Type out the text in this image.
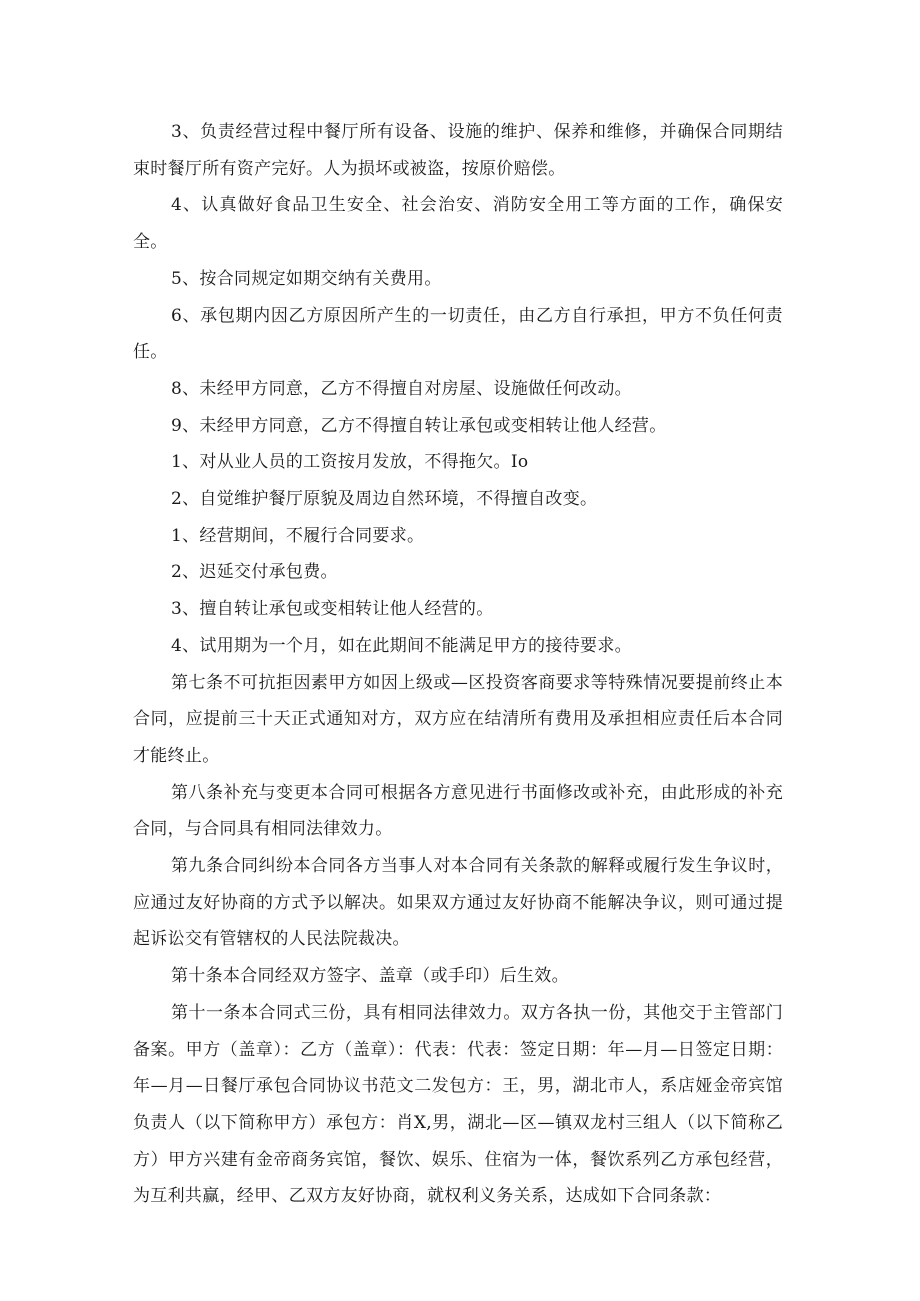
3、负责经营过程中餐厅所有设备、设施的维护、保养和维修，并确保合同期结束时餐厅所有资产完好。人为损坏或被盗，按原价赔偿。

4、认真做好食品卫生安全、社会治安、消防安全用工等方面的工作，确保安全。

5、按合同规定如期交纳有关费用。

6、承包期内因乙方原因所产生的一切责任，由乙方自行承担，甲方不负任何责任。

8、未经甲方同意，乙方不得擅自对房屋、设施做任何改动。

9、未经甲方同意，乙方不得擅自转让承包或变相转让他人经营。

1、对从业人员的工资按月发放，不得拖欠。Io

2、自觉维护餐厅原貌及周边自然环境，不得擅自改变。

1、经营期间，不履行合同要求。

2、迟延交付承包费。

3、擅自转让承包或变相转让他人经营的。

4、试用期为一个月，如在此期间不能满足甲方的接待要求。

第七条不可抗拒因素甲方如因上级或—区投资客商要求等特殊情况要提前终止本合同，应提前三十天正式通知对方，双方应在结清所有费用及承担相应责任后本合同才能终止。

第八条补充与变更本合同可根据各方意见进行书面修改或补充，由此形成的补充合同，与合同具有相同法律效力。

第九条合同纠纷本合同各方当事人对本合同有关条款的解释或履行发生争议时，应通过友好协商的方式予以解决。如果双方通过友好协商不能解决争议，则可通过提起诉讼交有管辖权的人民法院裁决。

第十条本合同经双方签字、盖章（或手印）后生效。

第十一条本合同式三份，具有相同法律效力。双方各执一份，其他交于主管部门备案。甲方（盖章）：乙方（盖章）：代表：代表：签定日期：年—月—日签定日期：年—月—日餐厅承包合同协议书范文二发包方：王，男，湖北市人，系店娅金帝宾馆负责人（以下简称甲方）承包方：肖X,男，湖北—区—镇双龙村三组人（以下简称乙方）甲方兴建有金帝商务宾馆，餐饮、娱乐、住宿为一体，餐饮系列乙方承包经营，为互利共赢，经甲、乙双方友好协商，就权利义务关系，达成如下合同条款：
